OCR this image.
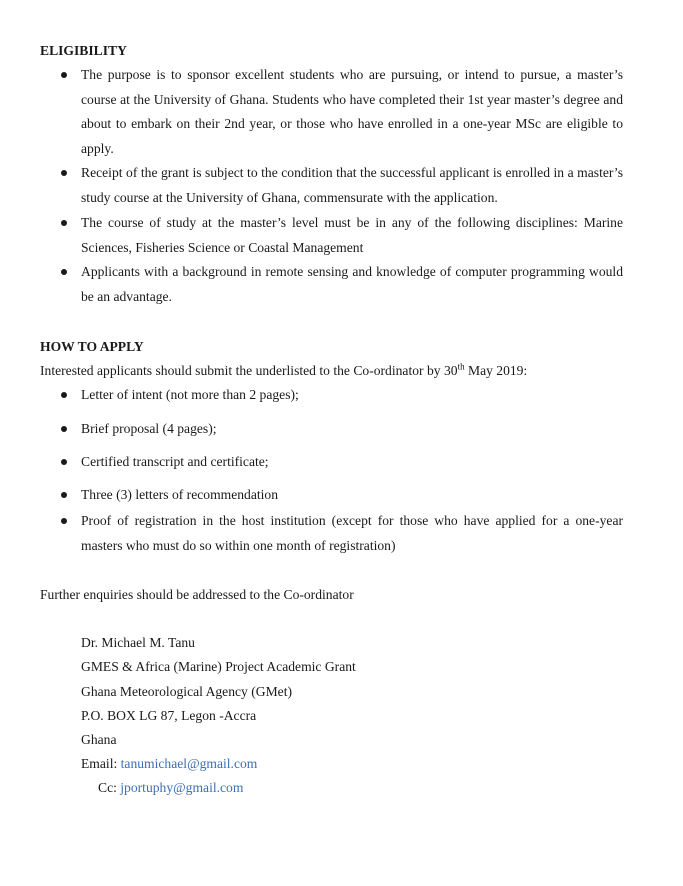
ELIGIBILITY
The purpose is to sponsor excellent students who are pursuing, or intend to pursue, a master’s course at the University of Ghana. Students who have completed their 1st year master’s degree and about to embark on their 2nd year, or those who have enrolled in a one-year MSc are eligible to apply.
Receipt of the grant is subject to the condition that the successful applicant is enrolled in a master’s study course at the University of Ghana, commensurate with the application.
The course of study at the master’s level must be in any of the following disciplines: Marine Sciences, Fisheries Science or Coastal Management
Applicants with a background in remote sensing and knowledge of computer programming would be an advantage.
HOW TO APPLY
Interested applicants should submit the underlisted to the Co-ordinator by 30th May 2019:
Letter of intent (not more than 2 pages);
Brief proposal (4 pages);
Certified transcript and certificate;
Three (3) letters of recommendation
Proof of registration in the host institution (except for those who have applied for a one-year masters who must do so within one month of registration)
Further enquiries should be addressed to the Co-ordinator
Dr. Michael M. Tanu
GMES & Africa (Marine) Project Academic Grant
Ghana Meteorological Agency (GMet)
P.O. BOX LG 87, Legon -Accra
Ghana
Email: tanumichael@gmail.com
Cc: jportuphy@gmail.com
